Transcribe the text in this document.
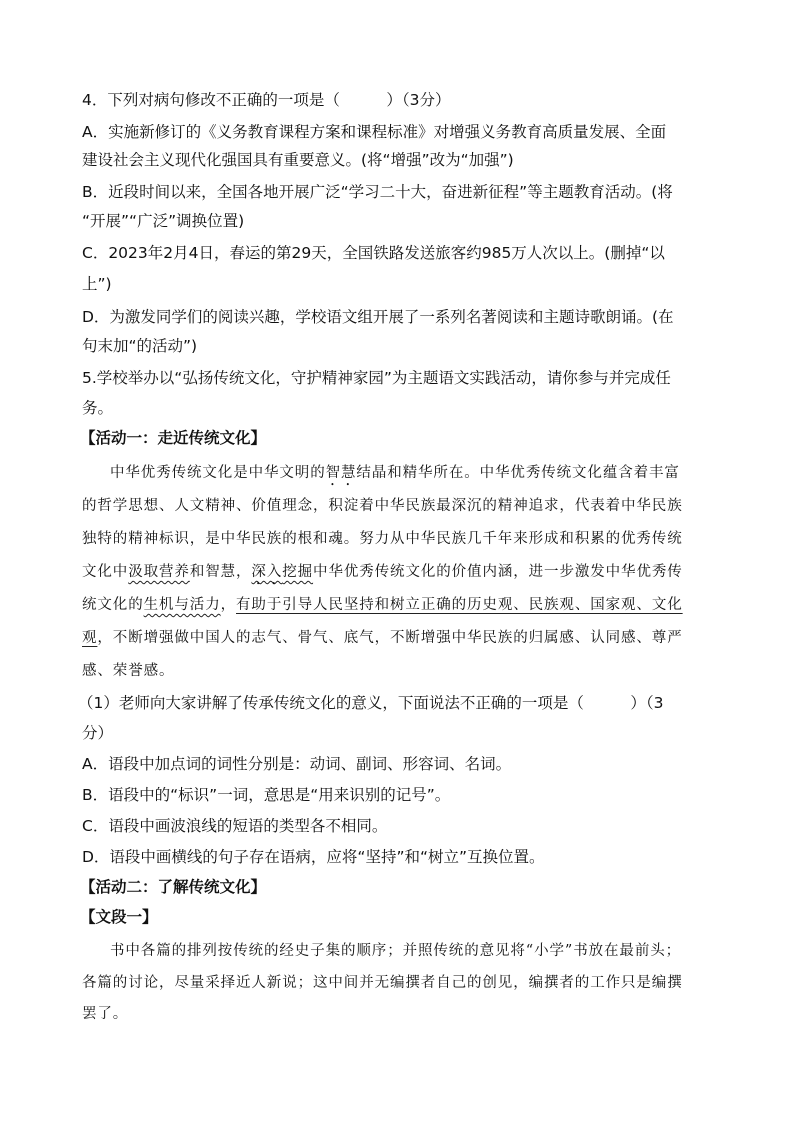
4．下列对病句修改不正确的一项是（　　　）（3分）
A．实施新修订的《义务教育课程方案和课程标准》对增强义务教育高质量发展、全面
建设社会主义现代化强国具有重要意义。(将“增强”改为“加强”)
B．近段时间以来，全国各地开展广泛“学习二十大，奋进新征程”等主题教育活动。(将
“开展”“广泛”调换位置)
C．2023年2月4日，春运的第29天，全国铁路发送旅客约985万人次以上。(删掉“以
上”)
D．为激发同学们的阅读兴趣，学校语文组开展了一系列名著阅读和主题诗歌朗诵。(在
句末加“的活动”)
5.学校举办以“弘扬传统文化，守护精神家园”为主题语文实践活动，请你参与并完成任
务。
【活动一：走近传统文化】
中华优秀传统文化是中华文明的智慧结晶和精华所在。中华优秀传统文化蕴含着丰富
的哲学思想、人文精神、价值理念，积淀着中华民族最深沉的精神追求，代表着中华民族
独特的精神标识，是中华民族的根和魂。努力从中华民族几千年来形成和积累的优秀传统
文化中汲取营养和智慧，深入挖掘中华优秀传统文化的价值内涵，进一步激发中华优秀传
统文化的生机与活力，有助于引导人民坚持和树立正确的历史观、民族观、国家观、文化
观，不断增强做中国人的志气、骨气、底气，不断增强中华民族的归属感、认同感、尊严
感、荣誉感。
（1）老师向大家讲解了传承传统文化的意义，下面说法不正确的一项是（　　　）（3
分）
A．语段中加点词的词性分别是：动词、副词、形容词、名词。
B．语段中的“标识”一词，意思是“用来识别的记号”。
C．语段中画波浪线的短语的类型各不相同。
D．语段中画横线的句子存在语病，应将“坚持”和“树立”互换位置。
【活动二：了解传统文化】
【文段一】
书中各篇的排列按传统的经史子集的顺序；并照传统的意见将“小学”书放在最前头；
各篇的讨论，尽量采择近人新说；这中间并无编撰者自己的创见，编撰者的工作只是编撰
罢了。
